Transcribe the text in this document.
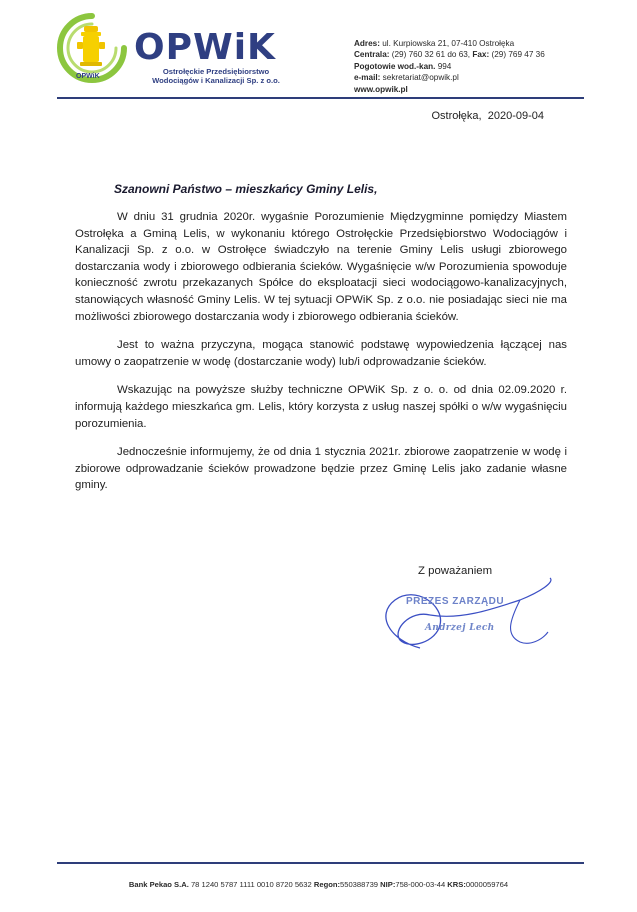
OPWiK
OPWiK
Ostrołęckie Przedsiębiorstwo
Wodociągów i Kanalizacji Sp. z o.o.
Adres: ul. Kurpiowska 21, 07-410 Ostrołęka
Centrala: (29) 760 32 61 do 63, Fax: (29) 769 47 36
Pogotowie wod.-kan. 994
e-mail: sekretariat@opwik.pl
www.opwik.pl
Ostrołęka, 2020-09-04
Szanowni Państwo – mieszkańcy Gminy Lelis,

W dniu 31 grudnia 2020r. wygaśnie Porozumienie Międzygminne pomiędzy Miastem Ostrołęka a Gminą Lelis, w wykonaniu którego Ostrołęckie Przedsiębiorstwo Wodociągów i Kanalizacji Sp. z o.o. w Ostrołęce świadczyło na terenie Gminy Lelis usługi zbiorowego dostarczania wody i zbiorowego odbierania ścieków. Wygaśnięcie w/w Porozumienia spowoduje konieczność zwrotu przekazanych Spółce do eksploatacji sieci wodociągowo-kanalizacyjnych, stanowiących własność Gminy Lelis. W tej sytuacji OPWiK Sp. z o.o. nie posiadając sieci nie ma możliwości zbiorowego dostarczania wody i zbiorowego odbierania ścieków.

Jest to ważna przyczyna, mogąca stanowić podstawę wypowiedzenia łączącej nas umowy o zaopatrzenie w wodę (dostarczanie wody) lub/i odprowadzanie ścieków.

Wskazując na powyższe służby techniczne OPWiK Sp. z o. o. od dnia 02.09.2020 r. informują każdego mieszkańca gm. Lelis, który korzysta z usług naszej spółki o w/w wygaśnięciu porozumienia.

Jednocześnie informujemy, że od dnia 1 stycznia 2021r. zbiorowe zaopatrzenie w wodę i zbiorowe odprowadzanie ścieków prowadzone będzie przez Gminę Lelis jako zadanie własne gminy.

Z poważaniem
PREZES ZARZĄDU
Andrzej Lech
Bank Pekao S.A. 78 1240 5787 1111 0010 8720 5632 Regon:550388739 NIP:758-000-03-44 KRS:0000059764
